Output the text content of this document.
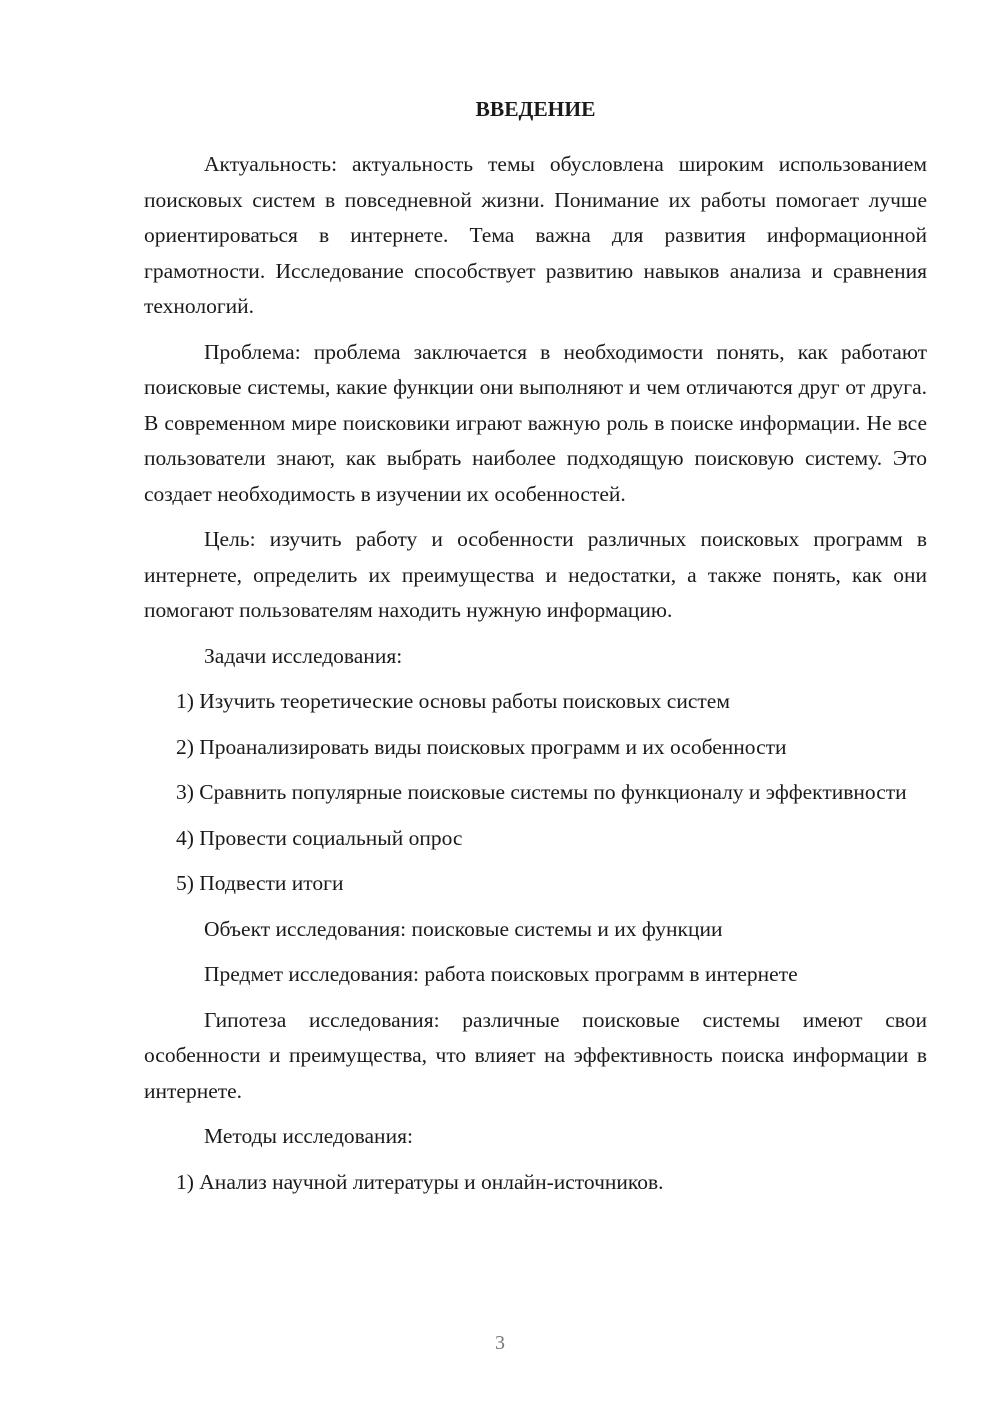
ВВЕДЕНИЕ

Актуальность: актуальность темы обусловлена широким использованием поисковых систем в повседневной жизни. Понимание их работы помогает лучше ориентироваться в интернете. Тема важна для развития информационной грамотности. Исследование способствует развитию навыков анализа и сравнения технологий.

Проблема: проблема заключается в необходимости понять, как работают поисковые системы, какие функции они выполняют и чем отличаются друг от друга. В современном мире поисковики играют важную роль в поиске информации. Не все пользователи знают, как выбрать наиболее подходящую поисковую систему. Это создает необходимость в изучении их особенностей.

Цель: изучить работу и особенности различных поисковых программ в интернете, определить их преимущества и недостатки, а также понять, как они помогают пользователям находить нужную информацию.

Задачи исследования:

1) Изучить теоретические основы работы поисковых систем

2) Проанализировать виды поисковых программ и их особенности

3) Сравнить популярные поисковые системы по функционалу и эффективности

4) Провести социальный опрос

5) Подвести итоги

Объект исследования: поисковые системы и их функции

Предмет исследования: работа поисковых программ в интернете

Гипотеза исследования: различные поисковые системы имеют свои особенности и преимущества, что влияет на эффективность поиска информации в интернете.

Методы исследования:

1) Анализ научной литературы и онлайн-источников.

3
